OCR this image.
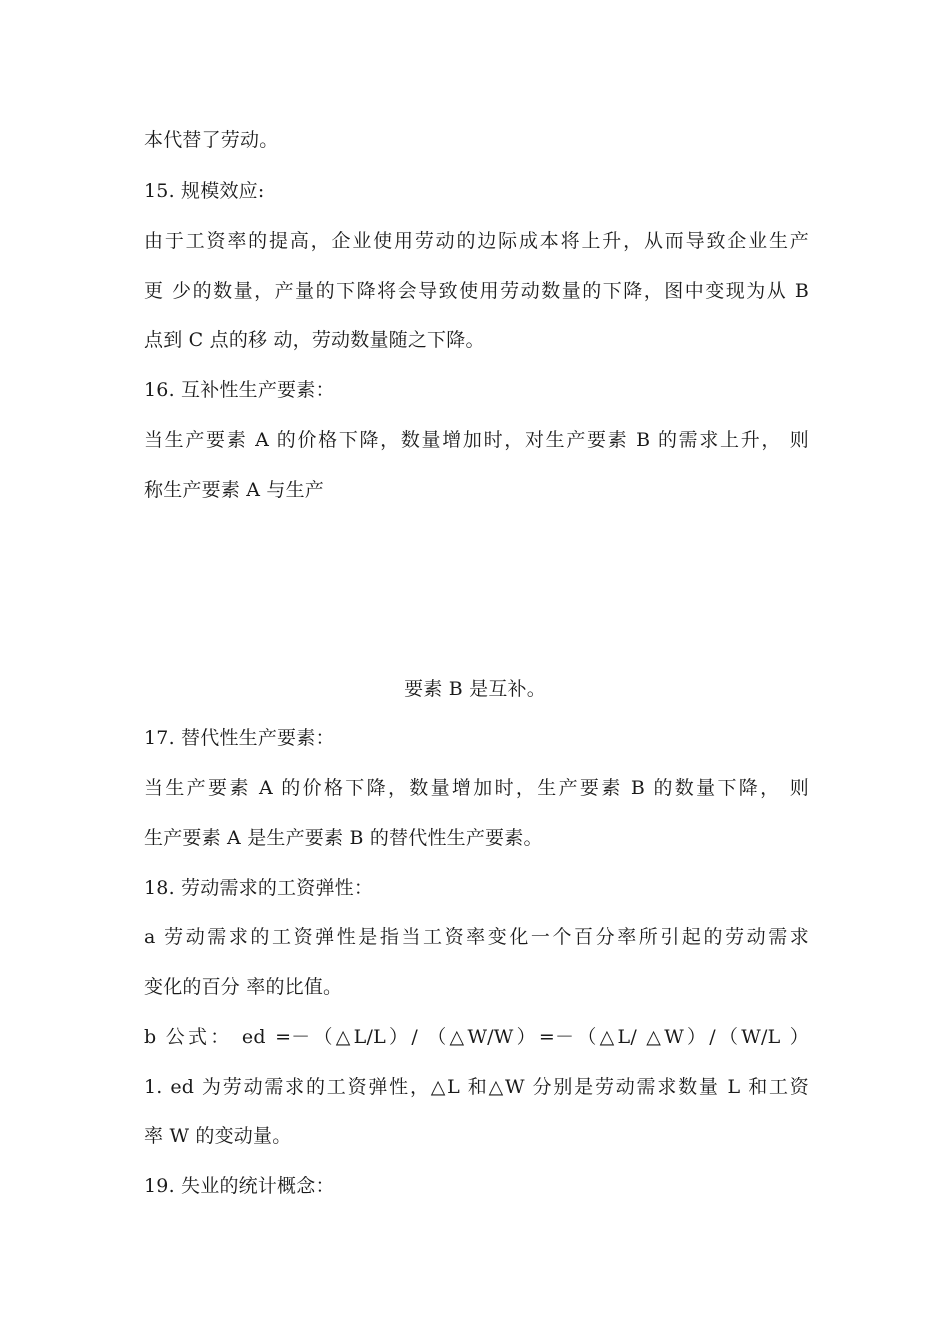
本代替了劳动。
15. 规模效应:
由于工资率的提高，企业使用劳动的边际成本将上升，从而导致企业生产
更 少的数量，产量的下降将会导致使用劳动数量的下降，图中变现为从 B
点到 C 点的移 动，劳动数量随之下降。
16. 互补性生产要素：
当生产要素 A 的价格下降，数量增加时，对生产要素 B 的需求上升， 则
称生产要素 A 与生产
要素 B 是互补。
17. 替代性生产要素：
当生产要素 A 的价格下降，数量增加时，生产要素 B 的数量下降， 则
生产要素 A 是生产要素 B 的替代性生产要素。
18. 劳动需求的工资弹性：
a 劳动需求的工资弹性是指当工资率变化一个百分率所引起的劳动需求
变化的百分 率的比值。
b 公式： ed =－（△L/L）/ （△W/W）=－（△L/ △W）/（W/L ）
1. ed 为劳动需求的工资弹性，△L 和△W 分别是劳动需求数量 L 和工资
率 W 的变动量。
19. 失业的统计概念：
